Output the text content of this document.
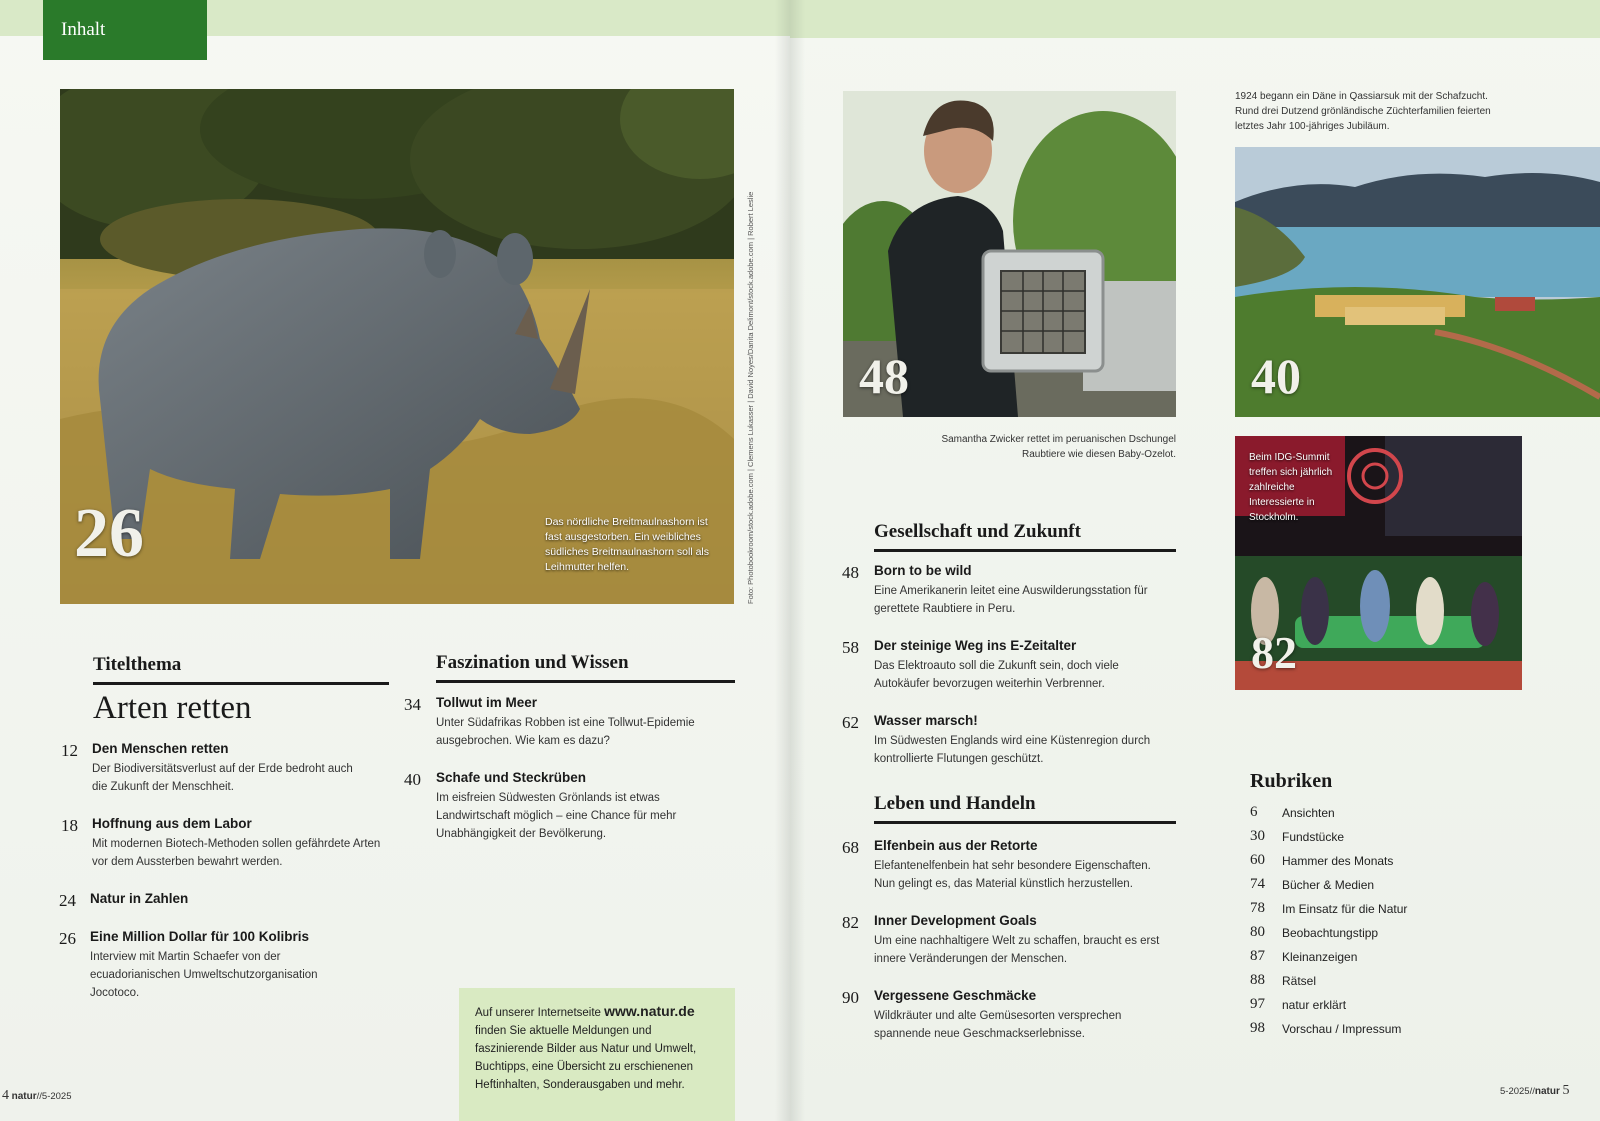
Inhalt
26	Das nördliche Breitmaulnashorn ist fast ausgestorben. Ein weibliches südliches Breitmaulnashorn soll als Leihmutter helfen.	Foto: Photobookroom/stock.adobe.com | Clemens Lukasser | David Noyes/Danita Delimont/stock.adobe.com | Robert Leslie
Titelthema
Arten retten
12 Den Menschen retten
Der Biodiversitätsverlust auf der Erde bedroht auch die Zukunft der Menschheit.
18 Hoffnung aus dem Labor
Mit modernen Biotech-Methoden sollen gefährdete Arten vor dem Aussterben bewahrt werden.
24 Natur in Zahlen
26 Eine Million Dollar für 100 Kolibris
Interview mit Martin Schaefer von der ecuadorianischen Umweltschutzorganisation Jocotoco.
Faszination und Wissen
34 Tollwut im Meer
Unter Südafrikas Robben ist eine Tollwut-Epidemie ausgebrochen. Wie kam es dazu?
40 Schafe und Steckrüben
Im eisfreien Südwesten Grönlands ist etwas Landwirtschaft möglich – eine Chance für mehr Unabhängigkeit der Bevölkerung.
Auf unserer Internetseite www.natur.de finden Sie aktuelle Meldungen und faszinierende Bilder aus Natur und Umwelt, Buchtipps, eine Übersicht zu erschienenen Heftinhalten, Sonderausgaben und mehr.
4 natur//5-2025
48
Samantha Zwicker rettet im peruanischen Dschungel Raubtiere wie diesen Baby-Ozelot.
1924 begann ein Däne in Qassiarsuk mit der Schafzucht. Rund drei Dutzend grönländische Züchterfamilien feierten letztes Jahr 100-jähriges Jubiläum.
40
Beim IDG-Summit treffen sich jährlich zahlreiche Interessierte in Stockholm.
82
Gesellschaft und Zukunft
48 Born to be wild
Eine Amerikanerin leitet eine Auswilderungsstation für gerettete Raubtiere in Peru.
58 Der steinige Weg ins E-Zeitalter
Das Elektroauto soll die Zukunft sein, doch viele Autokäufer bevorzugen weiterhin Verbrenner.
62 Wasser marsch!
Im Südwesten Englands wird eine Küstenregion durch kontrollierte Flutungen geschützt.
Leben und Handeln
68 Elfenbein aus der Retorte
Elefantenelfenbein hat sehr besondere Eigenschaften. Nun gelingt es, das Material künstlich herzustellen.
82 Inner Development Goals
Um eine nachhaltigere Welt zu schaffen, braucht es erst innere Veränderungen der Menschen.
90 Vergessene Geschmäcke
Wildkräuter und alte Gemüsesorten versprechen spannende neue Geschmackserlebnisse.
Rubriken
6 Ansichten
30 Fundstücke
60 Hammer des Monats
74 Bücher & Medien
78 Im Einsatz für die Natur
80 Beobachtungstipp
87 Kleinanzeigen
88 Rätsel
97 natur erklärt
98 Vorschau / Impressum
5-2025//natur 5
